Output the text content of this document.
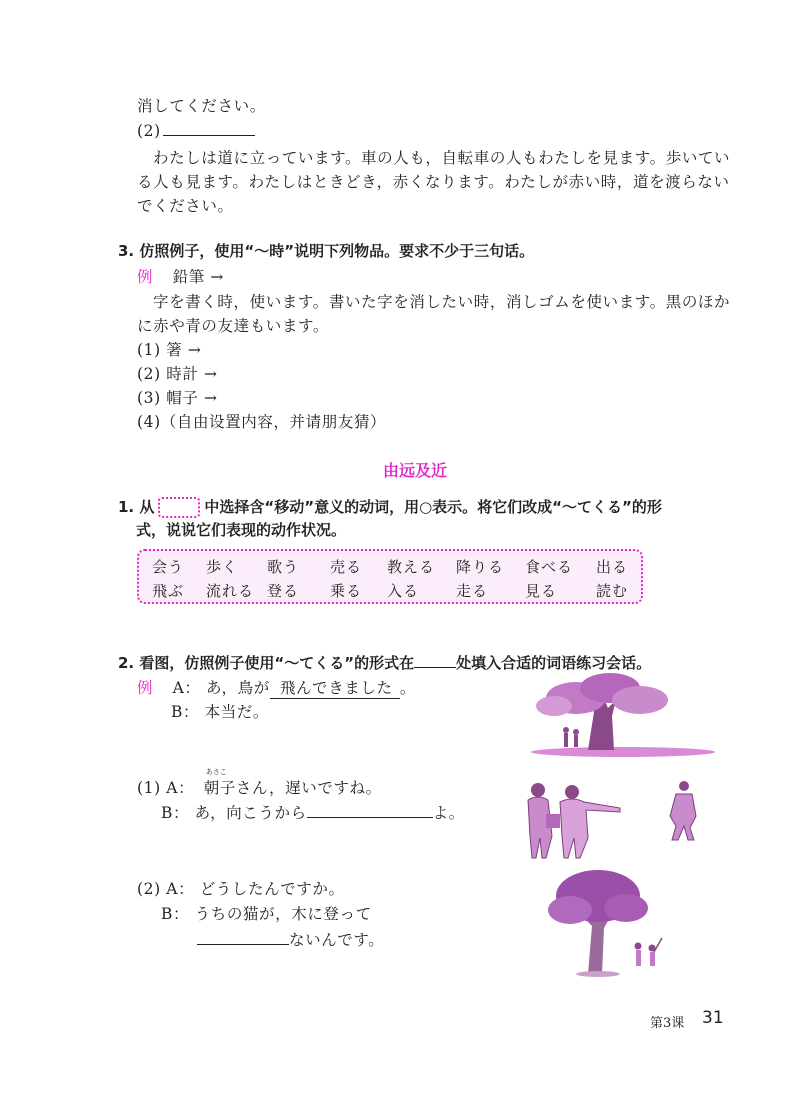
消してください。
(2)
わたしは道に立っています。車の人も，自転車の人もわたしを見ます。歩いてい
る人も見ます。わたしはときどき，赤くなります。わたしが赤い時，道を渡らない
でください。
3. 仿照例子，使用“～時”说明下列物品。要求不少于三句话。
例 鉛筆 →
字を書く時，使います。書いた字を消したい時，消しゴムを使います。黒のほか
に赤や青の友達もいます。
(1) 箸 →
(2) 時計 →
(3) 帽子 →
(4)（自由设置内容，并请朋友猜）
由远及近
1. 从	中选择含“移动”意义的动词，用○表示。将它们改成“～てくる”的形
式，说说它们表现的动作状况。
会う 歩く 歌う 売る 教える 降りる 食べる 出る
飛ぶ 流れる 登る 乗る 入る 走る 見る	読む
2. 看图，仿照例子使用“～てくる”的形式在	处填入合适的词语练习会话。
例 A： あ，鳥が 飛んできました 。
B： 本当だ。
(1) A：
あさこ
朝子さん，遅いですね。
B： あ，向こうから	よ。
(2) A： どうしたんですか。
B： うちの猫が，木に登って
ないんです。
第3课 31
